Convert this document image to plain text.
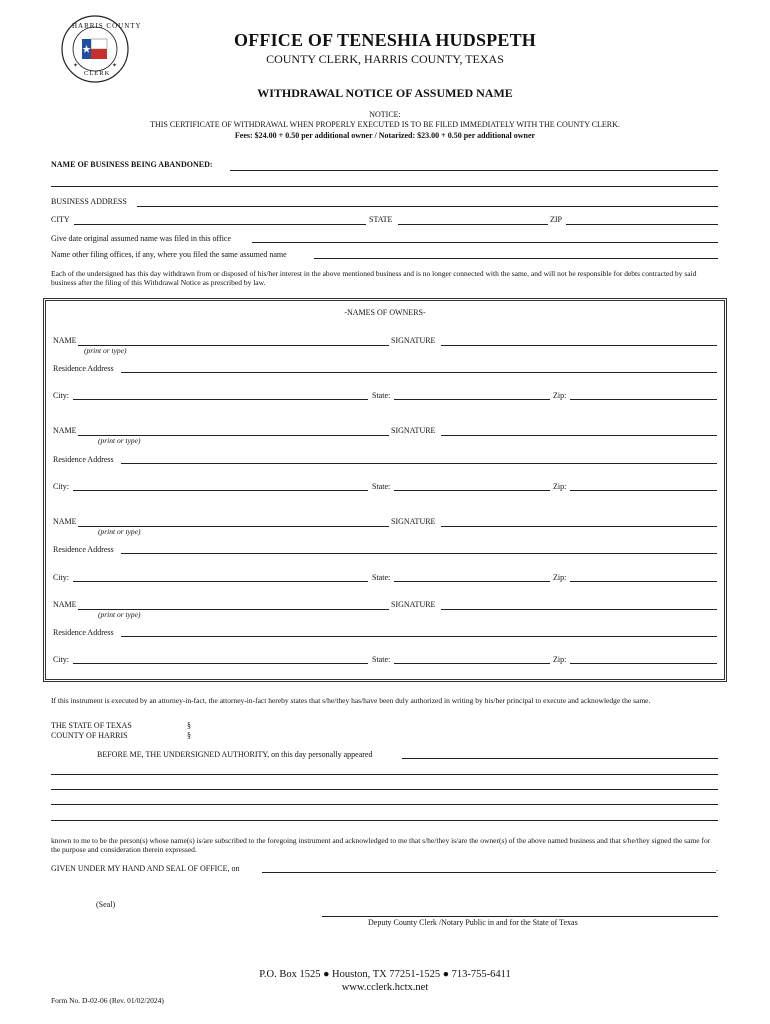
✦
✦
HARRIS COUNTY
CLERK
OFFICE OF TENESHIA HUDSPETH
COUNTY CLERK, HARRIS COUNTY, TEXAS
WITHDRAWAL NOTICE OF ASSUMED NAME
NOTICE:
THIS CERTIFICATE OF WITHDRAWAL WHEN PROPERLY EXECUTED IS TO BE FILED IMMEDIATELY WITH THE COUNTY CLERK.
Fees: $24.00 + 0.50 per additional owner / Notarized: $23.00 + 0.50 per additional owner
NAME OF BUSINESS BEING ABANDONED:
BUSINESS ADDRESS
CITY	STATE	ZIP
Give date original assumed name was filed in this office
Name other filing offices, if any, where you filed the same assumed name
Each of the undersigned has this day withdrawn from or disposed of his/her interest in the above mentioned business and is no longer connected with the same, and will not be responsible for debts contracted by said business after the filing of this Withdrawal Notice as prescribed by law.
-NAMES OF OWNERS-
NAME	SIGNATURE
(print or type)
Residence Address
City:	State:	Zip:
NAME	SIGNATURE
(print or type)
Residence Address
City:	State:	Zip:
NAME	SIGNATURE
(print or type)
Residence Address
City:	State:	Zip:
NAME	SIGNATURE
(print or type)
Residence Address
City:	State:	Zip:
If this instrument is executed by an attorney-in-fact, the attorney-in-fact hereby states that s/he/they has/have been duly authorized in writing by his/her principal to execute and acknowledge the same.
THE STATE OF TEXAS	§
COUNTY OF HARRIS	§
BEFORE ME, THE UNDERSIGNED AUTHORITY, on this day personally appeared
known to me to be the person(s) whose name(s) is/are subscribed to the foregoing instrument and acknowledged to me that s/he/they is/are the owner(s) of the above named business and that s/he/they signed the same for the purpose and consideration therein expressed.
GIVEN UNDER MY HAND AND SEAL OF OFFICE, on	.
(Seal)
Deputy County Clerk /Notary Public in and for the State of Texas
P.O. Box 1525 ● Houston, TX 77251-1525 ● 713-755-6411
www.cclerk.hctx.net
Form No. D-02-06 (Rev. 01/02/2024)
